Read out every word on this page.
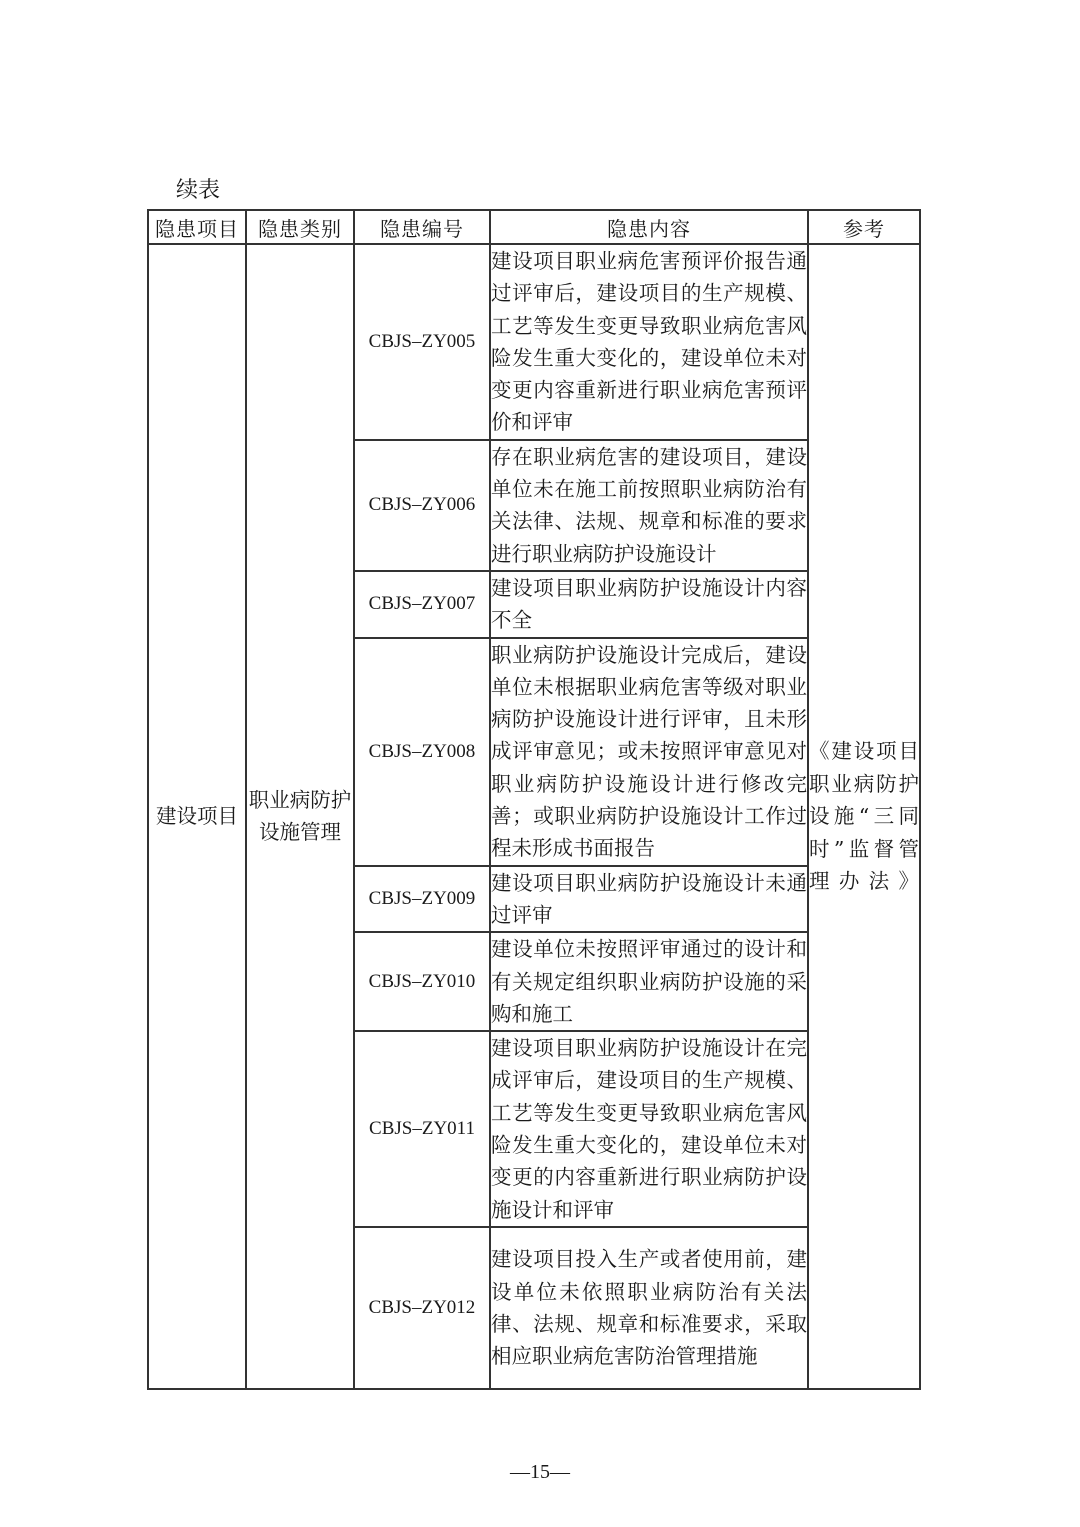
续表
隐患项目	隐患类别	隐患编号	隐患内容	参考
建设项目	职业病防护设施管理	CBJS–ZY005	建设项目职业病危害预评价报告通过评审后，建设项目的生产规模、工艺等发生变更导致职业病危害风险发生重大变化的，建设单位未对变更内容重新进行职业病危害预评价和评审	《建设项目职业病防护设施“三同时”监督管理办法》
		CBJS–ZY006	存在职业病危害的建设项目，建设单位未在施工前按照职业病防治有关法律、法规、规章和标准的要求进行职业病防护设施设计	
		CBJS–ZY007	建设项目职业病防护设施设计内容不全	
		CBJS–ZY008	职业病防护设施设计完成后，建设单位未根据职业病危害等级对职业病防护设施设计进行评审，且未形成评审意见；或未按照评审意见对职业病防护设施设计进行修改完善；或职业病防护设施设计工作过程未形成书面报告	
		CBJS–ZY009	建设项目职业病防护设施设计未通过评审	
		CBJS–ZY010	建设单位未按照评审通过的设计和有关规定组织职业病防护设施的采购和施工	
		CBJS–ZY011	建设项目职业病防护设施设计在完成评审后，建设项目的生产规模、工艺等发生变更导致职业病危害风险发生重大变化的，建设单位未对变更的内容重新进行职业病防护设施设计和评审	
		CBJS–ZY012	建设项目投入生产或者使用前，建设单位未依照职业病防治有关法律、法规、规章和标准要求，采取相应职业病危害防治管理措施	
—15—
